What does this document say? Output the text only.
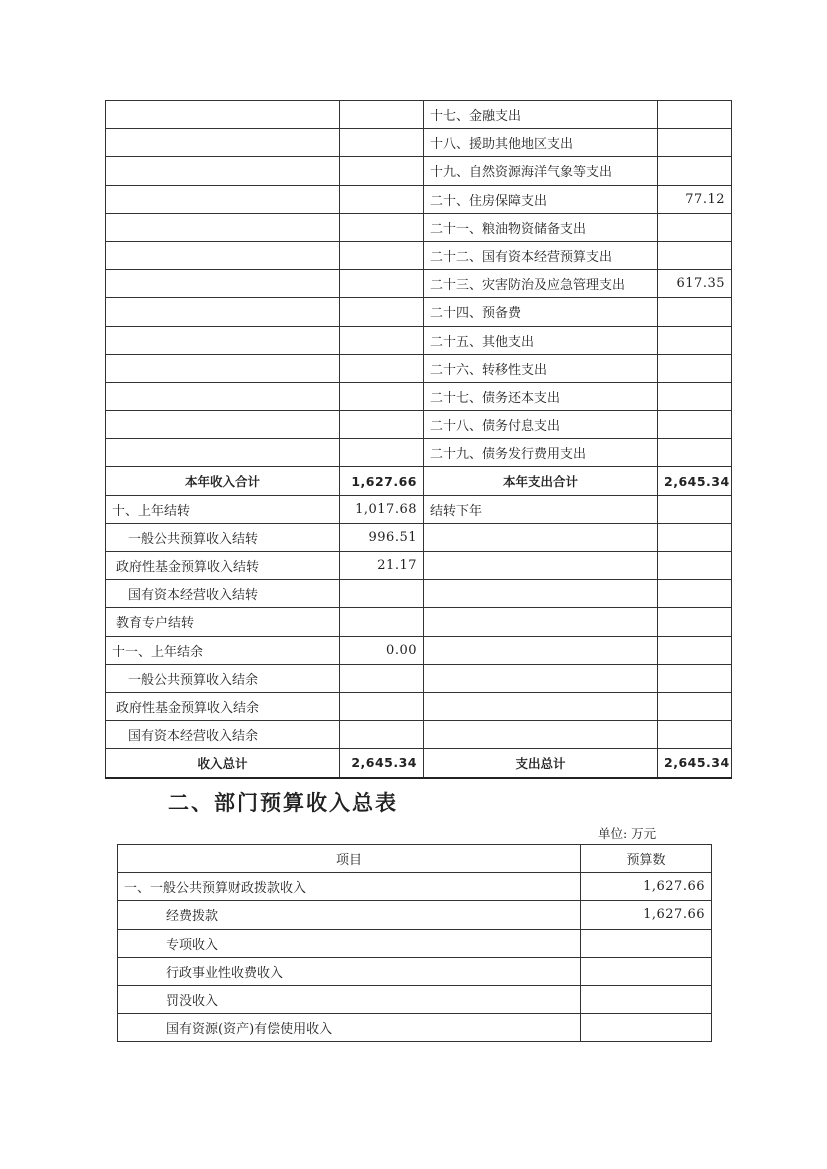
		十七、金融支出	
		十八、援助其他地区支出	
		十九、自然资源海洋气象等支出	
		二十、住房保障支出	77.12
		二十一、粮油物资储备支出	
		二十二、国有资本经营预算支出	
		二十三、灾害防治及应急管理支出	617.35
		二十四、预备费	
		二十五、其他支出	
		二十六、转移性支出	
		二十七、债务还本支出	
		二十八、债务付息支出	
		二十九、债务发行费用支出	
本年收入合计	1,627.66	本年支出合计	2,645.34
十、上年结转	1,017.68	结转下年	
一般公共预算收入结转	996.51		
政府性基金预算收入结转	21.17		
国有资本经营收入结转			
教育专户结转			
十一、上年结余	0.00		
一般公共预算收入结余			
政府性基金预算收入结余			
国有资本经营收入结余			
收入总计	2,645.34	支出总计	2,645.34
二、部门预算收入总表
单位: 万元
项目	预算数
一、一般公共预算财政拨款收入	1,627.66
经费拨款	1,627.66
专项收入	
行政事业性收费收入	
罚没收入	
国有资源(资产)有偿使用收入	
